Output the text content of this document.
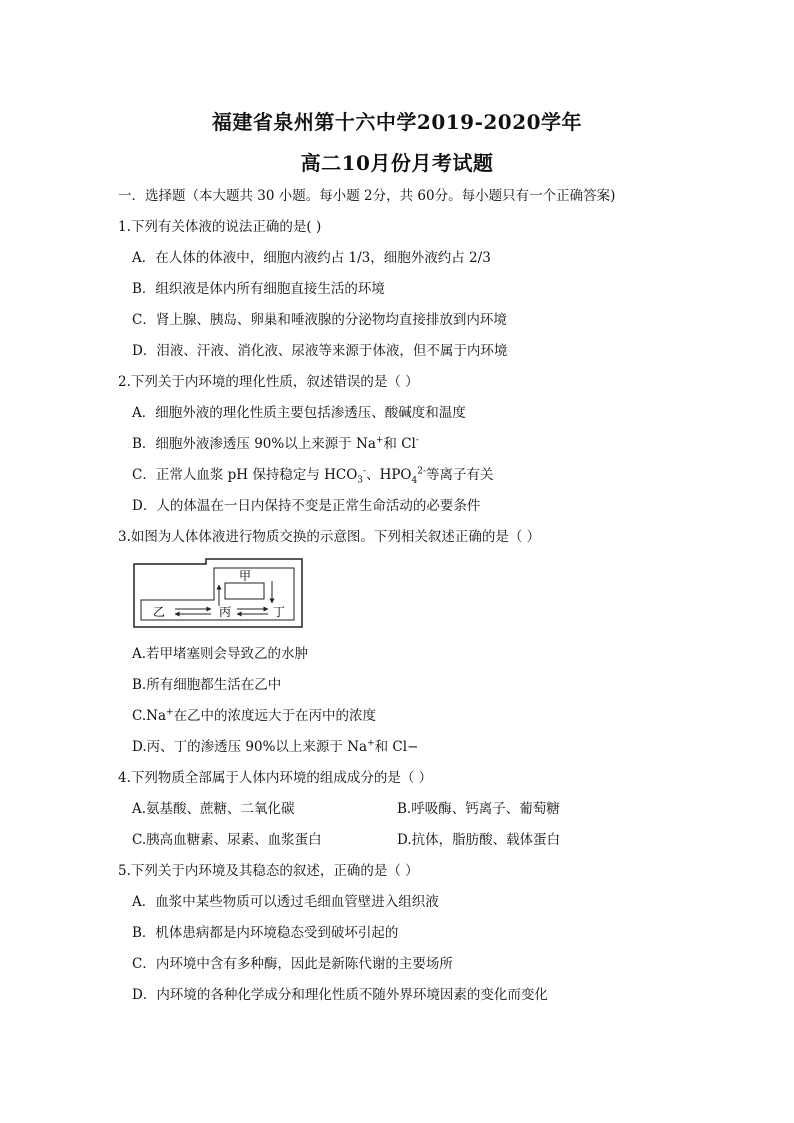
福建省泉州第十六中学2019-2020学年
高二10月份月考试题
一．选择题（本大题共 30 小题。每小题 2分，共 60分。每小题只有一个正确答案)
1.下列有关体液的说法正确的是( )
A．在人体的体液中，细胞内液约占 1/3，细胞外液约占 2/3
B．组织液是体内所有细胞直接生活的环境
C．肾上腺、胰岛、卵巢和唾液腺的分泌物均直接排放到内环境
D．泪液、汗液、消化液、尿液等来源于体液，但不属于内环境
2.下列关于内环境的理化性质，叙述错误的是（ ）
A．细胞外液的理化性质主要包括渗透压、酸碱度和温度
B．细胞外液渗透压 90%以上来源于 Na+和 Cl-
C．正常人血浆 pH 保持稳定与 $HCO_3^-$、$HPO_4^{2-}$等离子有关
D．人的体温在一日内保持不变是正常生命活动的必要条件
3.如图为人体体液进行物质交换的示意图。下列相关叙述正确的是（ ）
甲
乙	丙	丁
A.若甲堵塞则会导致乙的水肿
B.所有细胞都生活在乙中
C.Na+在乙中的浓度远大于在丙中的浓度
D.丙、丁的渗透压 90%以上来源于 Na+和 Cl−
4.下列物质全部属于人体内环境的组成成分的是（ ）
A.氨基酸、蔗糖、二氧化碳	B.呼吸酶、钙离子、葡萄糖
C.胰高血糖素、尿素、血浆蛋白	D.抗体，脂肪酸、载体蛋白
5.下列关于内环境及其稳态的叙述，正确的是（ ）
A．血浆中某些物质可以透过毛细血管壁进入组织液
B．机体患病都是内环境稳态受到破坏引起的
C．内环境中含有多种酶，因此是新陈代谢的主要场所
D．内环境的各种化学成分和理化性质不随外界环境因素的变化而变化
